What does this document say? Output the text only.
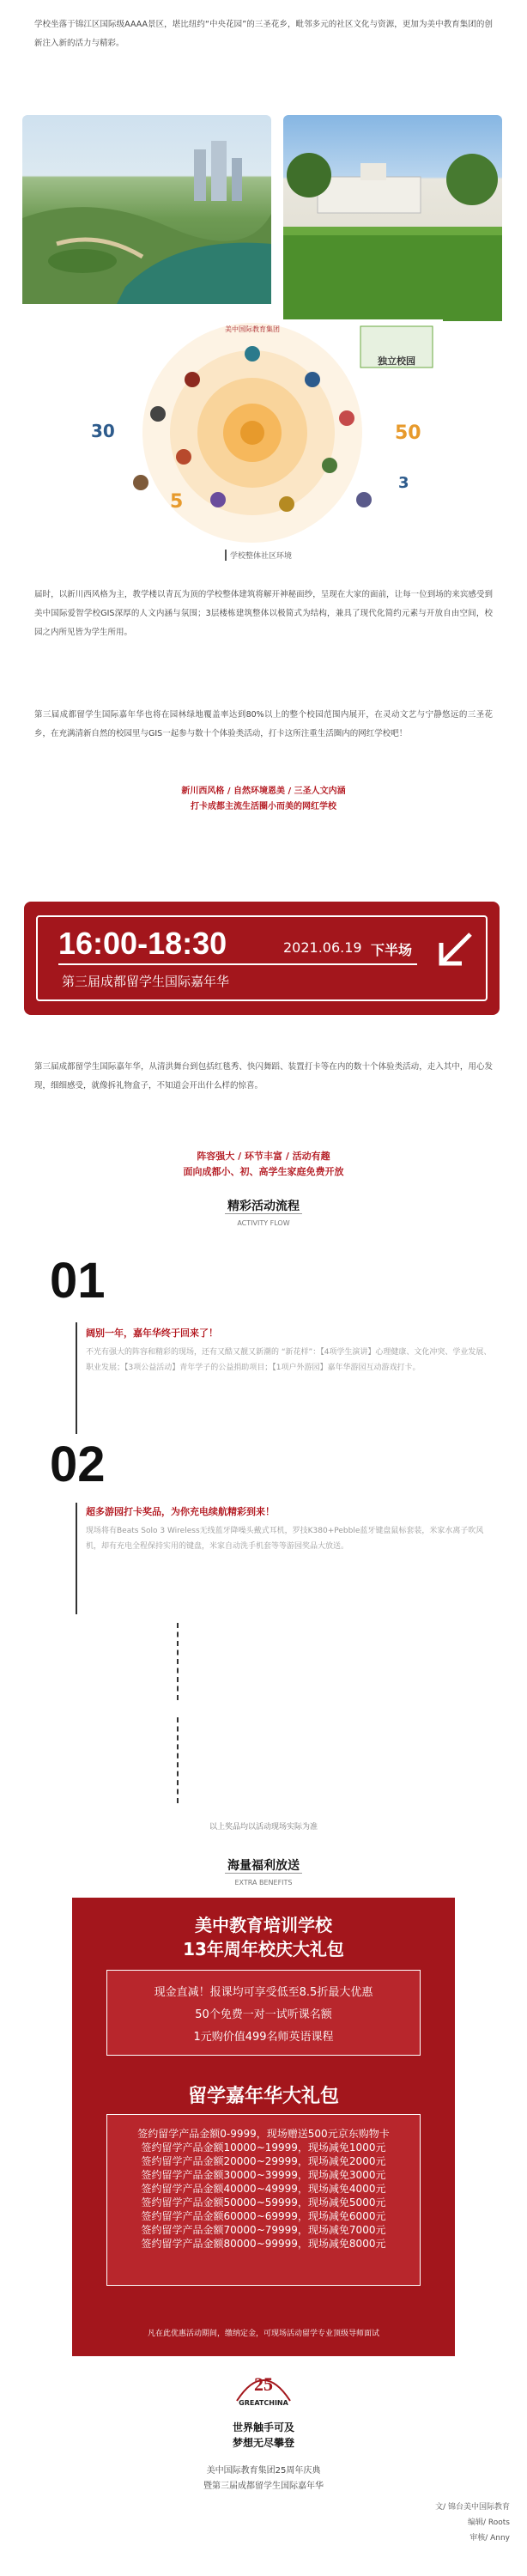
学校坐落于锦江区国际级AAAA景区，堪比纽约“中央花园”的三圣花乡，毗邻多元的社区文化与资源，更加为美中教育集团的创新注入新的活力与精彩。
美中国际教育集团
独立校园
30	50
5
3
学校整体社区环境
届时，以新川西风格为主，教学楼以青瓦为顶的学校整体建筑将解开神秘面纱，呈现在大家的面前，让每一位到场的来宾感受到美中国际爱智学校GIS深厚的人文内涵与氛围；3层楼栋建筑整体以极简式为结构，兼具了现代化简约元素与开放自由空间，校园之内所见皆为学生所用。
第三届成都留学生国际嘉年华也将在园林绿地覆盖率达到80%以上的整个校园范围内展开，在灵动文艺与宁静悠远的三圣花乡，在充满清新自然的校园里与GIS一起参与数十个体验类活动，打卡这所注重生活圈内的网红学校吧！
新川西风格 / 自然环境恩美 / 三圣人文内涵
打卡成都主流生活圈小而美的网红学校
16:00-18:30	2021.06.19 下半场
第三届成都留学生国际嘉年华
第三届成都留学生国际嘉年华，从清洪舞台到包括红毯秀、快闪舞蹈、装置打卡等在内的数十个体验类活动，走入其中，用心发现，细细感受，就像拆礼物盒子，不知道会开出什么样的惊喜。
阵容强大 / 环节丰富 / 活动有趣
面向成都小、初、高学生家庭免费开放
精彩活动流程
ACTIVITY FLOW
01
阔别一年，嘉年华终于回来了！
不光有强大的阵容和精彩的现场，还有又酷又靓又新潮的 “新花样”：【4项学生演讲】心理健康、文化冲突、学业发展、职业发展；【3项公益活动】青年学子的公益捐助项目；【1项户外游园】嘉年华游园互动游戏打卡。
02
超多游园打卡奖品，为你充电续航精彩到来！
现场将有Beats Solo 3 Wireless无线蓝牙降噪头戴式耳机，罗技K380+Pebble蓝牙键盘鼠标套装，米家水离子吹风机，却有充电全程保持实用的键盘，米家自动洗手机套等等游园奖品大放送。
以上奖品均以活动现场实际为准
海量福利放送
EXTRA BENEFITS
美中教育培训学校
13年周年校庆大礼包
现金直减！报课均可享受低至8.5折最大优惠
50个免费一对一试听课名额
1元购价值499名师英语课程
留学嘉年华大礼包
签约留学产品金额0-9999，现场赠送500元京东购物卡
签约留学产品金额10000~19999，现场减免1000元
签约留学产品金额20000~29999，现场减免2000元
签约留学产品金额30000~39999，现场减免3000元
签约留学产品金额40000~49999，现场减免4000元
签约留学产品金额50000~59999，现场减免5000元
签约留学产品金额60000~69999，现场减免6000元
签约留学产品金额70000~79999，现场减免7000元
签约留学产品金额80000~99999，现场减免8000元
凡在此优惠活动期间，缴纳定金，可现场活动留学专业顶级导师面试
25
GREATCHINA
世界触手可及
梦想无尽攀登
美中国际教育集团25周年庆典
暨第三届成都留学生国际嘉年华
文/ 锦台美中国际教育
编辑/ Roots
审核/ Anny
